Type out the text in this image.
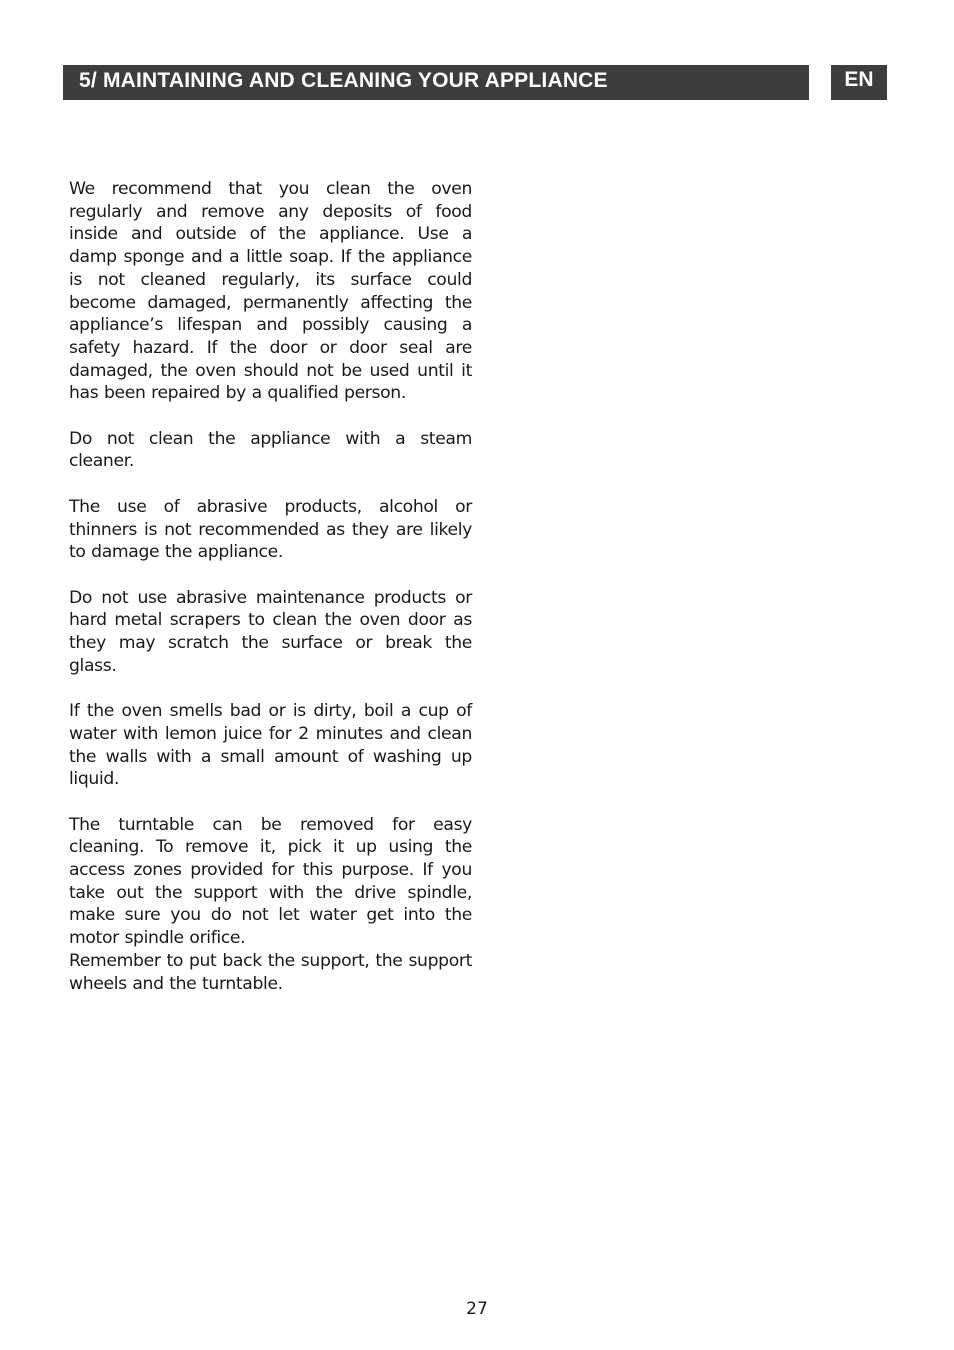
5/ MAINTAINING AND CLEANING YOUR APPLIANCE	EN

We recommend that you clean the oven regularly and remove any deposits of food inside and outside of the appliance. Use a damp sponge and a little soap. If the appliance is not cleaned regularly, its surface could become damaged, permanently affecting the appliance’s lifespan and possibly causing a safety hazard. If the door or door seal are damaged, the oven should not be used until it has been repaired by a qualified person.

Do not clean the appliance with a steam cleaner.

The use of abrasive products, alcohol or thinners is not recommended as they are likely to damage the appliance.

Do not use abrasive maintenance products or hard metal scrapers to clean the oven door as they may scratch the surface or break the glass.

If the oven smells bad or is dirty, boil a cup of water with lemon juice for 2 minutes and clean the walls with a small amount of washing up liquid.

The turntable can be removed for easy cleaning. To remove it, pick it up using the access zones provided for this purpose. If you take out the support with the drive spindle, make sure you do not let water get into the motor spindle orifice.

Remember to put back the support, the support wheels and the turntable.

27
